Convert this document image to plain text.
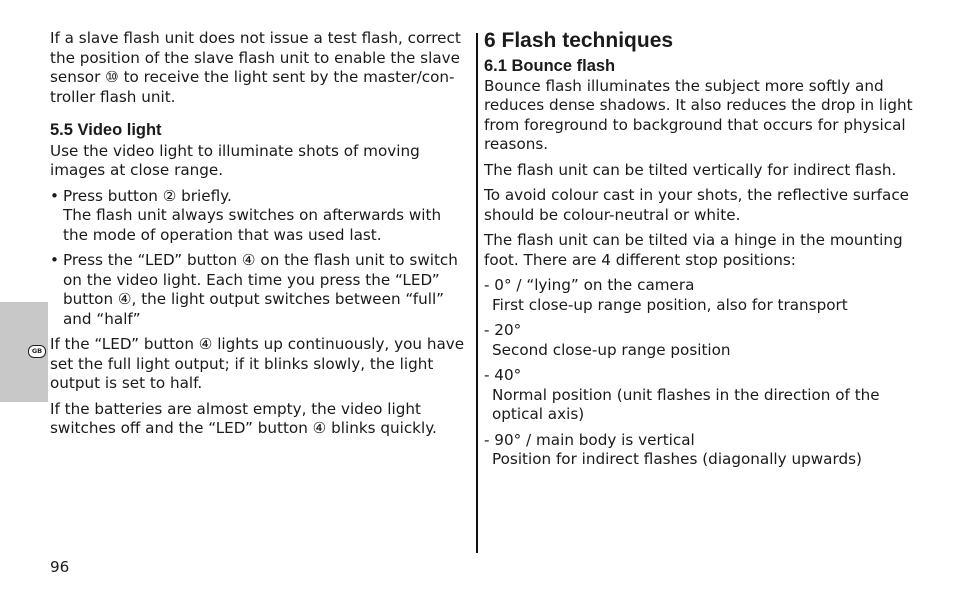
GB

If a slave flash unit does not issue a test flash, correct the position of the slave flash unit to enable the slave sensor ⑩ to receive the light sent by the master/con-troller flash unit.

5.5 Video light

Use the video light to illuminate shots of moving images at close range.

• Press button ② briefly.
The flash unit always switches on afterwards with the mode of operation that was used last.
• Press the “LED” button ④ on the flash unit to switch on the video light. Each time you press the “LED” button ④, the light output switches between “full” and “half”

If the “LED” button ④ lights up continuously, you have set the full light output; if it blinks slowly, the light output is set to half.

If the batteries are almost empty, the video light switches off and the “LED” button ④ blinks quickly.

6 Flash techniques

6.1 Bounce flash

Bounce flash illuminates the subject more softly and reduces dense shadows. It also reduces the drop in light from foreground to background that occurs for physical reasons.

The flash unit can be tilted vertically for indirect flash.

To avoid colour cast in your shots, the reflective surface should be colour-neutral or white.

The flash unit can be tilted via a hinge in the mounting foot. There are 4 different stop positions:

- 0° / “lying” on the camera
First close-up range position, also for transport
- 20°
Second close-up range position
- 40°
Normal position (unit flashes in the direction of the optical axis)
- 90° / main body is vertical
Position for indirect flashes (diagonally upwards)
96
